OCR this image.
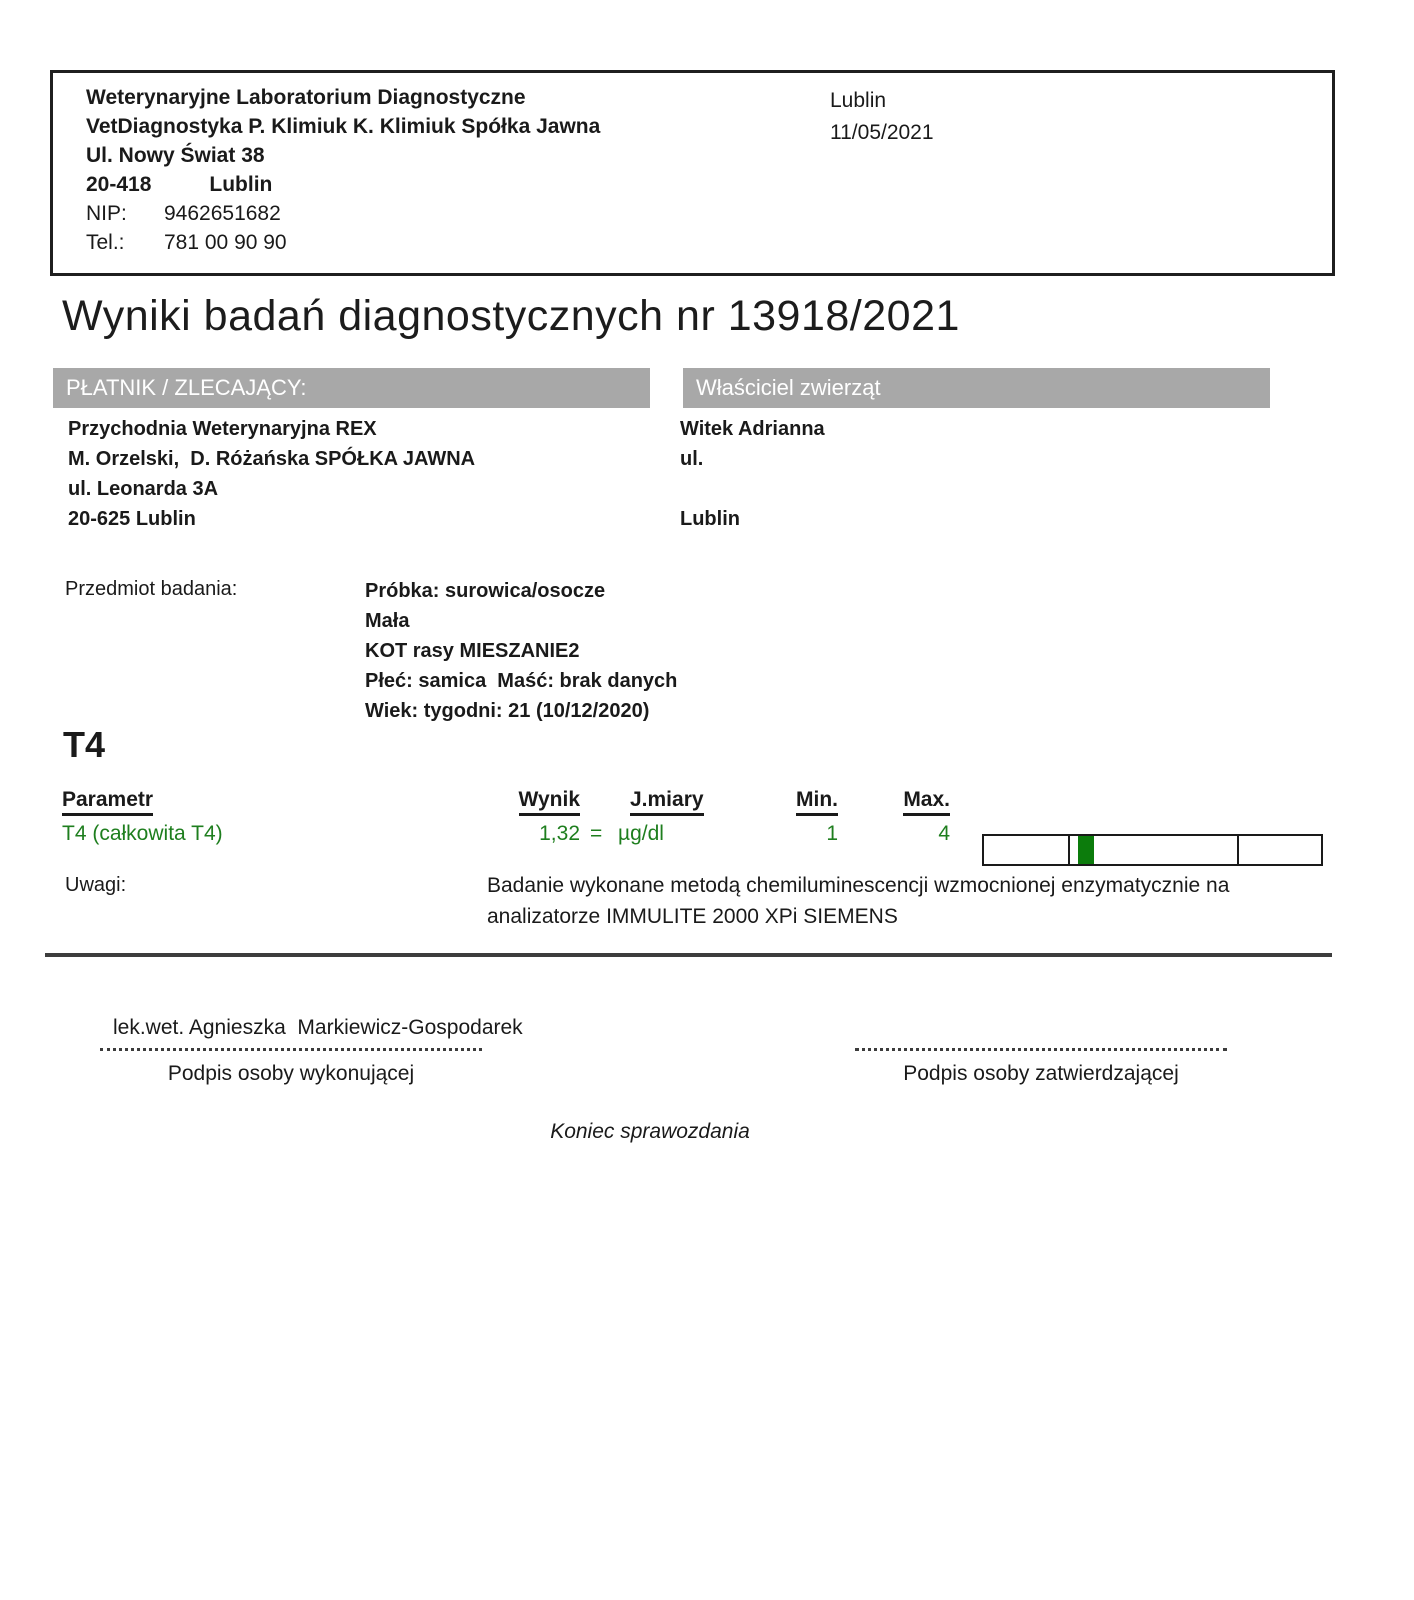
Weterynaryjne Laboratorium Diagnostyczne
VetDiagnostyka P. Klimiuk K. Klimiuk Spółka Jawna
Ul. Nowy Świat 38
20-418	Lublin
NIP: 9462651682
Tel.: 781 00 90 90
Lublin
11/05/2021
Wyniki badań diagnostycznych nr 13918/2021
PŁATNIK / ZLECAJĄCY:	Właściciel zwierząt
Przychodnia Weterynaryjna REX
M. Orzelski,  D. Różańska SPÓŁKA JAWNA
ul. Leonarda 3A
20-625 Lublin
Witek Adrianna
ul.
Lublin
Przedmiot badania:	Próbka: surowica/osocze
Mała
KOT rasy MIESZANIE2
Płeć: samica  Maść: brak danych
Wiek: tygodni: 21 (10/12/2020)
T4
Parametr	Wynik J.miary	Min.	Max.
T4 (całkowita T4)	1,32 = µg/dl	1	4
Uwagi:	Badanie wykonane metodą chemiluminescencji wzmocnionej enzymatycznie na
analizatorze IMMULITE 2000 XPi SIEMENS
lek.wet. Agnieszka  Markiewicz-Gospodarek
Podpis osoby wykonującej	Podpis osoby zatwierdzającej
Koniec sprawozdania
